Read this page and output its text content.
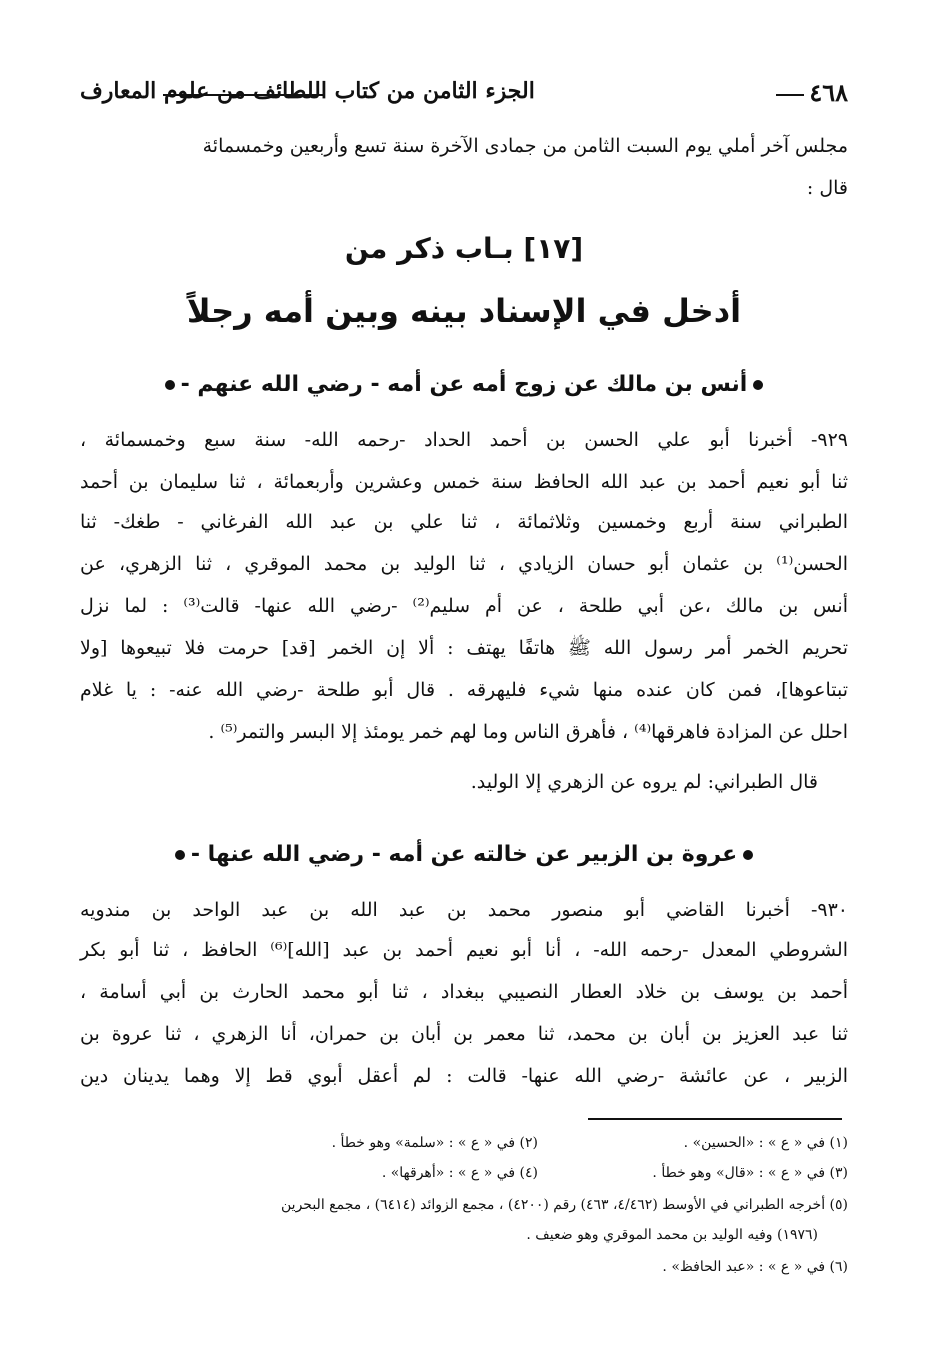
٤٦٨
الجزء الثامن من كتاب اللطائف من علوم المعارف
مجلس آخر أملي يوم السبت الثامن من جمادى الآخرة سنة تسع وأربعين وخمسمائة
قال :
[١٧] بـاب ذكر من
أدخل في الإسناد بينه وبين أمه رجلاً
أنس بن مالك عن زوج أمه عن أمه - رضي الله عنهم -
٩٢٩- أخبرنا أبو علي الحسن بن أحمد الحداد -رحمه الله- سنة سبع وخمسمائة ،
ثنا أبو نعيم أحمد بن عبد الله الحافظ سنة خمس وعشرين وأربعمائة ، ثنا سليمان بن أحمد
الطبراني سنة أربع وخمسين وثلاثمائة ، ثنا علي بن عبد الله الفرغاني - طغك- ثنا
الحسن⁽¹⁾ بن عثمان أبو حسان الزيادي ، ثنا الوليد بن محمد الموقري ، ثنا الزهري، عن
أنس بن مالك ،عن أبي طلحة ، عن أم سليم⁽²⁾ -رضي الله عنها- قالت⁽³⁾ : لما نزل
تحريم الخمر أمر رسول الله ﷺ هاتفًا يهتف : ألا إن الخمر [قد] حرمت فلا تبيعوها [ولا
تبتاعوها]، فمن كان عنده منها شيء فليهرقه . قال أبو طلحة -رضي الله عنه- : يا غلام
احلل عن المزادة فاهرقها⁽⁴⁾ ، فأهرق الناس وما لهم خمر يومئذ إلا البسر والتمر⁽⁵⁾ .
قال الطبراني: لم يروه عن الزهري إلا الوليد.
عروة بن الزبير عن خالته عن أمه - رضي الله عنها -
٩٣٠- أخبرنا القاضي أبو منصور محمد بن عبد الله بن عبد الواحد بن مندويه
الشروطي المعدل -رحمه الله- ، أنا أبو نعيم أحمد بن عبد [الله]⁽⁶⁾ الحافظ ، ثنا أبو بكر
أحمد بن يوسف بن خلاد العطار النصيبي ببغداد ، ثنا أبو محمد الحارث بن أبي أسامة ،
ثنا عبد العزيز بن أبان بن محمد، ثنا معمر بن أبان بن حمران، أنا الزهري ، ثنا عروة بن
الزبير ، عن عائشة -رضي الله عنها- قالت : لم أعقل أبوي قط إلا وهما يدينان دين
(١) في « ع » : «الحسين» .
(٢) في « ع » : «سلمة» وهو خطأ .
(٣) في « ع » : «قال» وهو خطأ .
(٤) في « ع » : «أهرقها» .
(٥) أخرجه الطبراني في الأوسط (٤/٤٦٢، ٤٦٣) رقم (٤٢٠٠) ، مجمع الزوائد (٦٤١٤) ، مجمع البحرين
(١٩٧٦) وفيه الوليد بن محمد الموقري وهو ضعيف .
(٦) في « ع » : «عبد الحافظ» .
